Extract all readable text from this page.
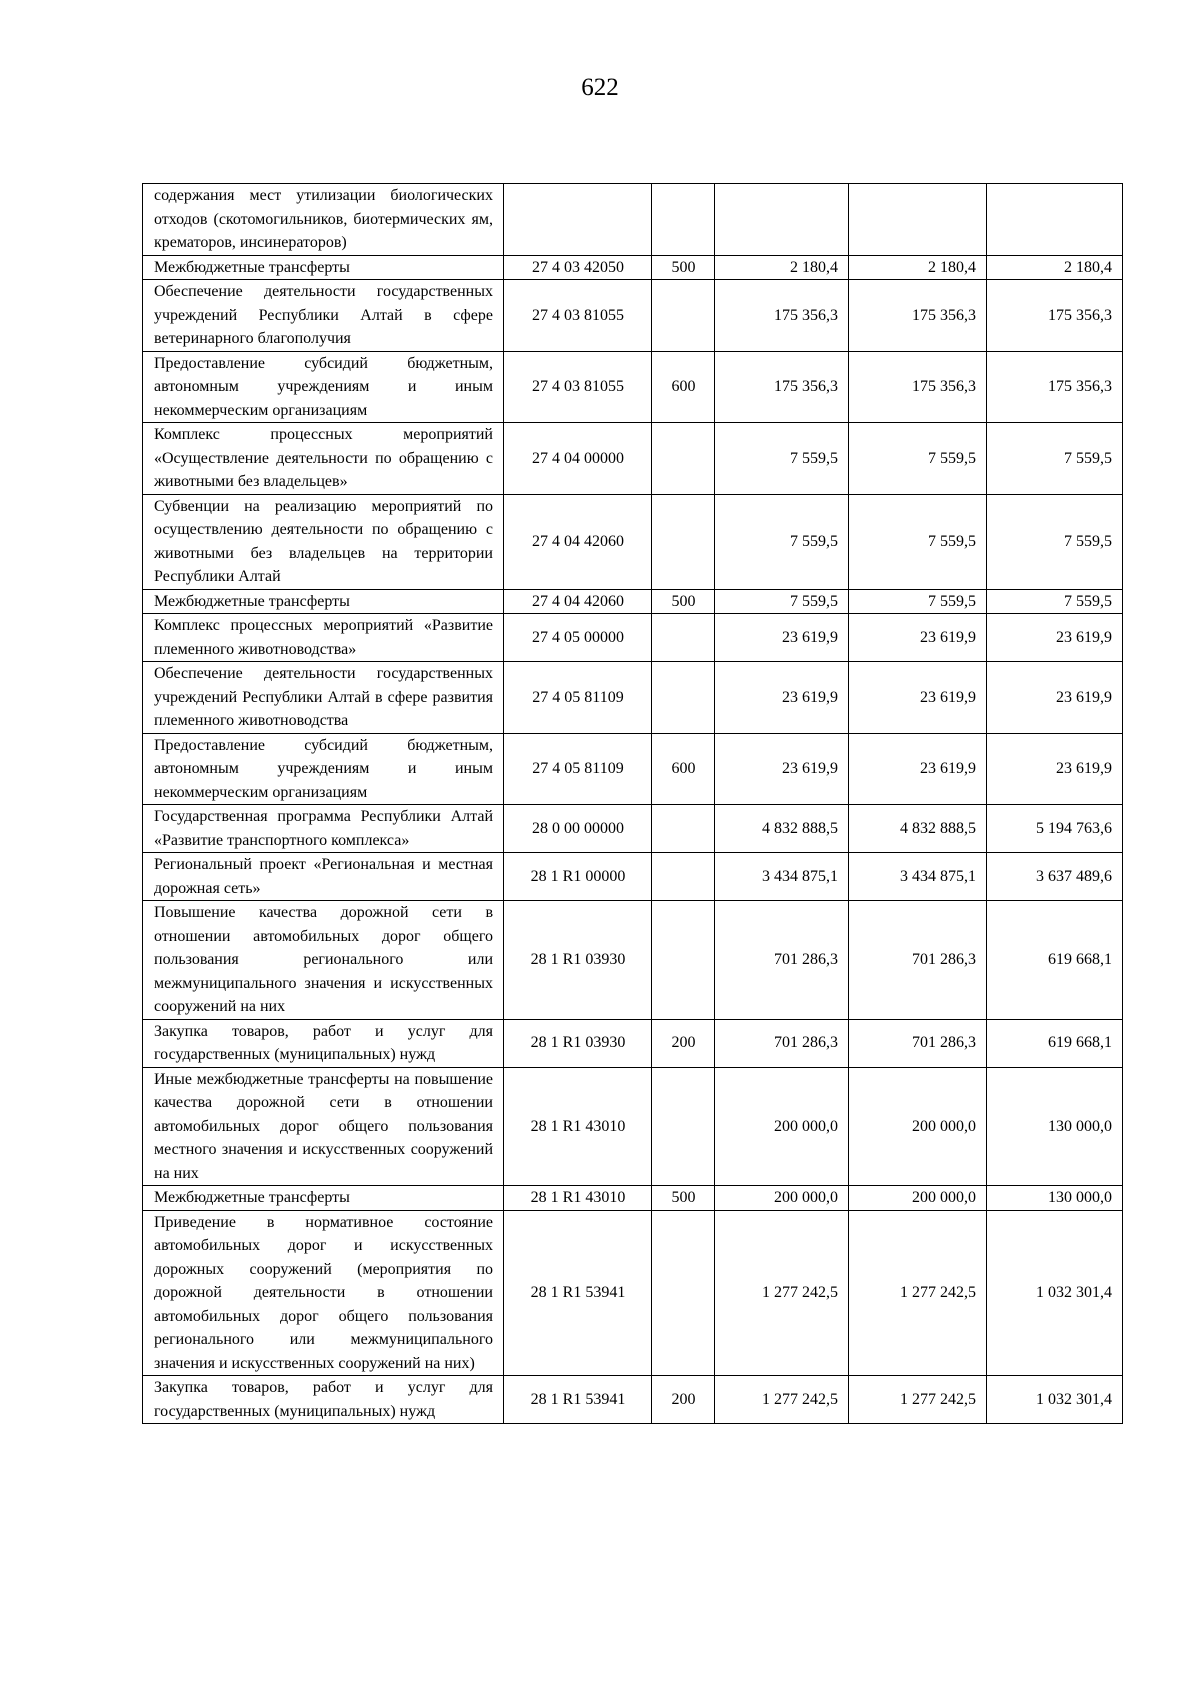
622
содержания мест утилизации биологических отходов (скотомогильников, биотермических ям, крематоров, инсинераторов)					
Межбюджетные трансферты	27 4 03 42050	500	2 180,4	2 180,4	2 180,4
Обеспечение деятельности государственных учреждений Республики Алтай в сфере ветеринарного благополучия	27 4 03 81055		175 356,3	175 356,3	175 356,3
Предоставление субсидий бюджетным, автономным учреждениям и иным некоммерческим организациям	27 4 03 81055	600	175 356,3	175 356,3	175 356,3
Комплекс процессных мероприятий «Осуществление деятельности по обращению с животными без владельцев»	27 4 04 00000		7 559,5	7 559,5	7 559,5
Субвенции на реализацию мероприятий по осуществлению деятельности по обращению с животными без владельцев на территории Республики Алтай	27 4 04 42060		7 559,5	7 559,5	7 559,5
Межбюджетные трансферты	27 4 04 42060	500	7 559,5	7 559,5	7 559,5
Комплекс процессных мероприятий «Развитие племенного животноводства»	27 4 05 00000		23 619,9	23 619,9	23 619,9
Обеспечение деятельности государственных учреждений Республики Алтай в сфере развития племенного животноводства	27 4 05 81109		23 619,9	23 619,9	23 619,9
Предоставление субсидий бюджетным, автономным учреждениям и иным некоммерческим организациям	27 4 05 81109	600	23 619,9	23 619,9	23 619,9
Государственная программа Республики Алтай «Развитие транспортного комплекса»	28 0 00 00000		4 832 888,5	4 832 888,5	5 194 763,6
Региональный проект «Региональная и местная дорожная сеть»	28 1 R1 00000		3 434 875,1	3 434 875,1	3 637 489,6
Повышение качества дорожной сети в отношении автомобильных дорог общего пользования регионального или межмуниципального значения и искусственных сооружений на них	28 1 R1 03930		701 286,3	701 286,3	619 668,1
Закупка товаров, работ и услуг для государственных (муниципальных) нужд	28 1 R1 03930	200	701 286,3	701 286,3	619 668,1
Иные межбюджетные трансферты на повышение качества дорожной сети в отношении автомобильных дорог общего пользования местного значения и искусственных сооружений на них	28 1 R1 43010		200 000,0	200 000,0	130 000,0
Межбюджетные трансферты	28 1 R1 43010	500	200 000,0	200 000,0	130 000,0
Приведение в нормативное состояние автомобильных дорог и искусственных дорожных сооружений (мероприятия по дорожной деятельности в отношении автомобильных дорог общего пользования регионального или межмуниципального значения и искусственных сооружений на них)	28 1 R1 53941		1 277 242,5	1 277 242,5	1 032 301,4
Закупка товаров, работ и услуг для государственных (муниципальных) нужд	28 1 R1 53941	200	1 277 242,5	1 277 242,5	1 032 301,4
